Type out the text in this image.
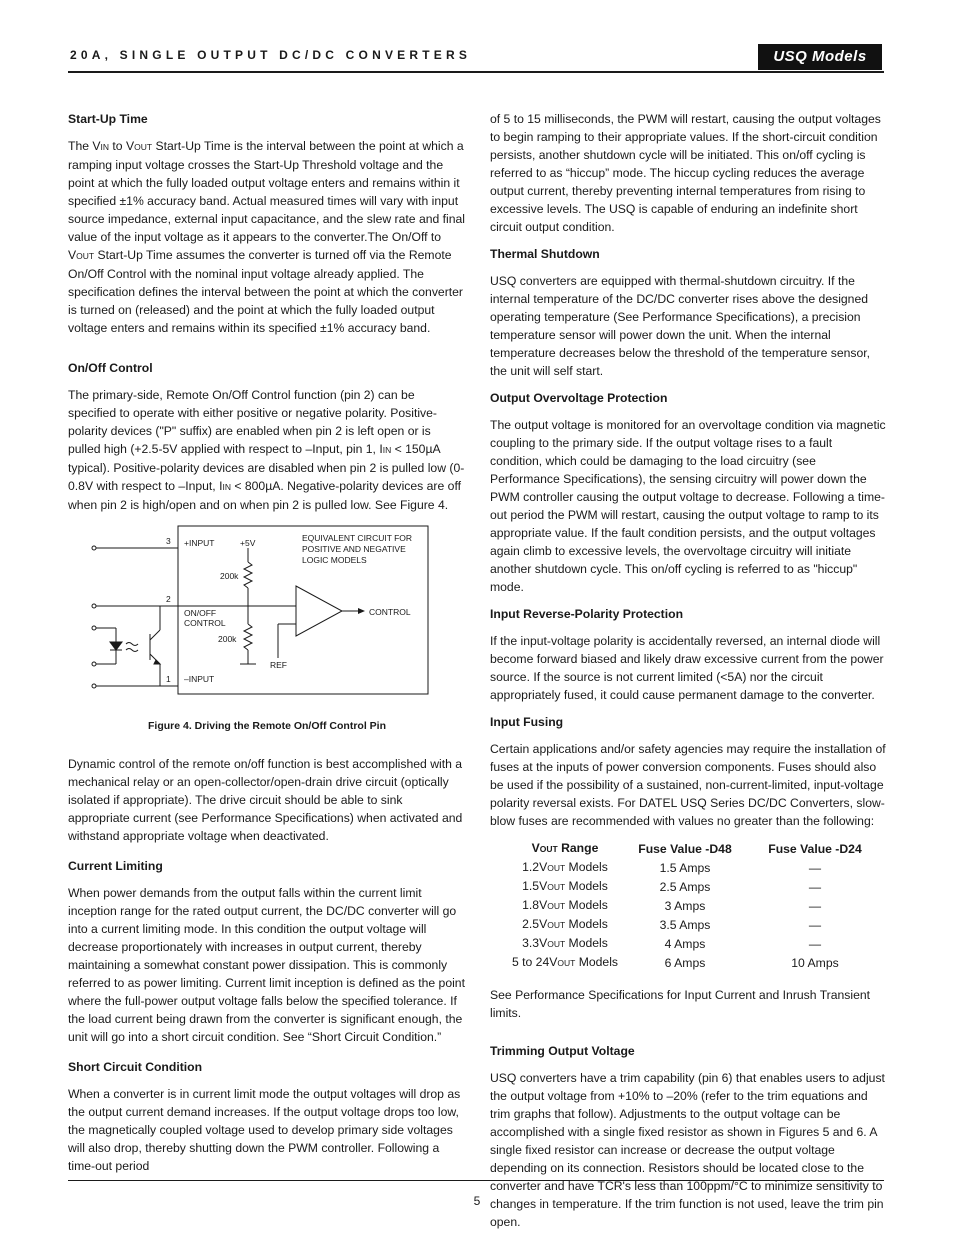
20A, SINGLE OUTPUT DC/DC CONVERTERS	USQ Models
Start-Up Time

The VIN to VOUT Start-Up Time is the interval between the point at which a ramping input voltage crosses the Start-Up Threshold voltage and the point at which the fully loaded output voltage enters and remains within it specified ±1% accuracy band. Actual measured times will vary with input source impedance, external input capacitance, and the slew rate and final value of the input voltage as it appears to the converter.The On/Off to VOUT Start-Up Time assumes the converter is turned off via the Remote On/Off Control with the nominal input voltage already applied. The specification defines the interval between the point at which the converter is turned on (released) and the point at which the fully loaded output voltage enters and remains within its specified ±1% accuracy band.

On/Off Control

The primary-side, Remote On/Off Control function (pin 2) can be specified to operate with either positive or negative polarity. Positive-polarity devices ("P" suffix) are enabled when pin 2 is left open or is pulled high (+2.5-5V applied with respect to –Input, pin 1, IIN < 150µA typical). Positive-polarity devices are disabled when pin 2 is pulled low (0-0.8V with respect to –Input, IIN < 800µA. Negative-polarity devices are off when pin 2 is high/open and on when pin 2 is pulled low. See Figure 4.

3
2
1
+INPUT	+5V	EQUIVALENT CIRCUIT FOR
POSITIVE AND NEGATIVE
LOGIC MODELS
200k
ON/OFF
CONTROL
200k
CONTROL
REF
–INPUT
Figure 4. Driving the Remote On/Off Control Pin

Dynamic control of the remote on/off function is best accomplished with a mechanical relay or an open-collector/open-drain drive circuit (optically isolated if appropriate). The drive circuit should be able to sink appropriate current (see Performance Specifications) when activated and withstand appropriate voltage when deactivated.

Current Limiting

When power demands from the output falls within the current limit inception range for the rated output current, the DC/DC converter will go into a current limiting mode. In this condition the output voltage will decrease proportionately with increases in output current, thereby maintaining a somewhat constant power dissipation. This is commonly referred to as power limiting. Current limit inception is defined as the point where the full-power output voltage falls below the specified tolerance. If the load current being drawn from the converter is significant enough, the unit will go into a short circuit condition. See “Short Circuit Condition.”

Short Circuit Condition

When a converter is in current limit mode the output voltages will drop as the output current demand increases. If the output voltage drops too low, the magnetically coupled voltage used to develop primary side voltages will also drop, thereby shutting down the PWM controller. Following a time-out period

of 5 to 15 milliseconds, the PWM will restart, causing the output voltages to begin ramping to their appropriate values. If the short-circuit condition persists, another shutdown cycle will be initiated. This on/off cycling is referred to as “hiccup” mode. The hiccup cycling reduces the average output current, thereby preventing internal temperatures from rising to excessive levels. The USQ is capable of enduring an indefinite short circuit output condition.

Thermal Shutdown

USQ converters are equipped with thermal-shutdown circuitry. If the internal temperature of the DC/DC converter rises above the designed operating temperature (See Performance Specifications), a precision temperature sensor will power down the unit. When the internal temperature decreases below the threshold of the temperature sensor, the unit will self start.

Output Overvoltage Protection

The output voltage is monitored for an overvoltage condition via magnetic coupling to the primary side. If the output voltage rises to a fault condition, which could be damaging to the load circuitry (see Performance Specifications), the sensing circuitry will power down the PWM controller causing the output voltage to decrease. Following a time-out period the PWM will restart, causing the output voltage to ramp to its appropriate value. If the fault condition persists, and the output voltages again climb to excessive levels, the overvoltage circuitry will initiate another shutdown cycle. This on/off cycling is referred to as "hiccup" mode.

Input Reverse-Polarity Protection

If the input-voltage polarity is accidentally reversed, an internal diode will become forward biased and likely draw excessive current from the power source. If the source is not current limited (<5A) nor the circuit appropriately fused, it could cause permanent damage to the converter.

Input Fusing

Certain applications and/or safety agencies may require the installation of fuses at the inputs of power conversion components. Fuses should also be used if the possibility of a sustained, non-current-limited, input-voltage polarity reversal exists. For DATEL USQ Series DC/DC Converters, slow-blow fuses are recommended with values no greater than the following:

VOUT Range	Fuse Value -D48	Fuse Value -D24
1.2VOUT Models	1.5 Amps	—
1.5VOUT Models	2.5 Amps	—
1.8VOUT Models	3 Amps	—
2.5VOUT Models	3.5 Amps	—
3.3VOUT Models	4 Amps	—
5 to 24VOUT Models	6 Amps	10 Amps

See Performance Specifications for Input Current and Inrush Transient limits.

Trimming Output Voltage

USQ converters have a trim capability (pin 6) that enables users to adjust the output voltage from +10% to –20% (refer to the trim equations and trim graphs that follow). Adjustments to the output voltage can be accomplished with a single fixed resistor as shown in Figures 5 and 6. A single fixed resistor can increase or decrease the output voltage depending on its connection. Resistors should be located close to the converter and have TCR's less than 100ppm/°C to minimize sensitivity to changes in temperature. If the trim function is not used, leave the trim pin open.

5
